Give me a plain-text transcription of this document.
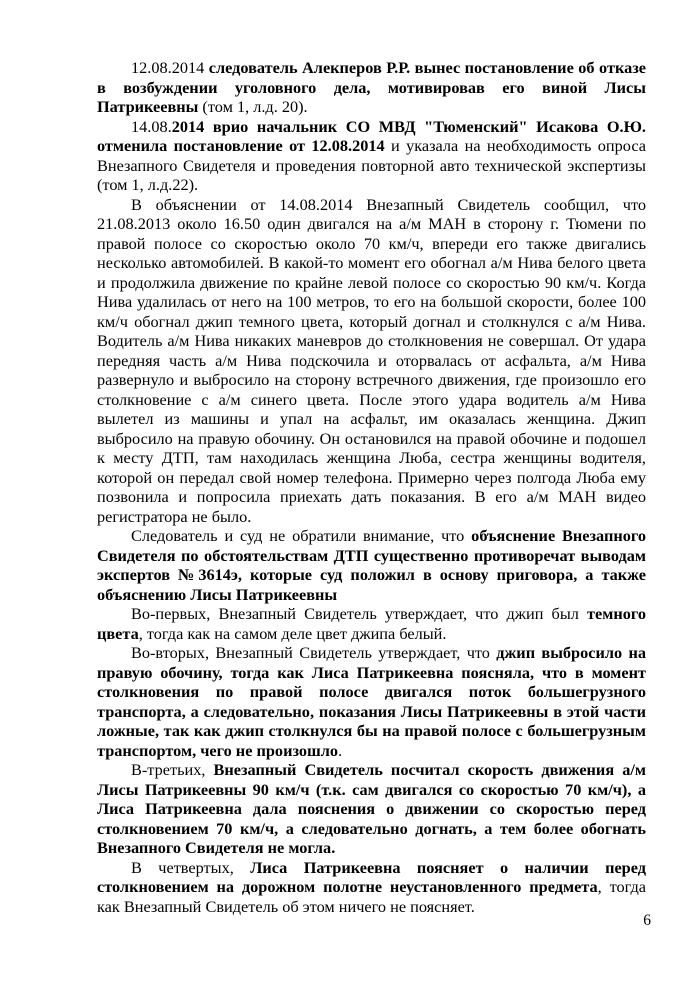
12.08.2014 следователь Алекперов Р.Р. вынес постановление об отказе в возбуждении уголовного дела, мотивировав его виной Лисы Патрикеевны (том 1, л.д. 20).

14.08.2014 врио начальник СО МВД "Тюменский" Исакова О.Ю. отменила постановление от 12.08.2014 и указала на необходимость опроса Внезапного Свидетеля и проведения повторной авто технической экспертизы (том 1, л.д.22).

В объяснении от 14.08.2014 Внезапный Свидетель сообщил, что 21.08.2013 около 16.50 один двигался на а/м МАН в сторону г. Тюмени по правой полосе со скоростью около 70 км/ч, впереди его также двигались несколько автомобилей. В какой-то момент его обогнал а/м Нива белого цвета и продолжила движение по крайне левой полосе со скоростью 90 км/ч. Когда Нива удалилась от него на 100 метров, то его на большой скорости, более 100 км/ч обогнал джип темного цвета, который догнал и столкнулся с а/м Нива. Водитель а/м Нива никаких маневров до столкновения не совершал. От удара передняя часть а/м Нива подскочила и оторвалась от асфальта, а/м Нива развернуло и выбросило на сторону встречного движения, где произошло его столкновение с а/м синего цвета. После этого удара водитель а/м Нива вылетел из машины и упал на асфальт, им оказалась женщина. Джип выбросило на правую обочину. Он остановился на правой обочине и подошел к месту ДТП, там находилась женщина Люба, сестра женщины водителя, которой он передал свой номер телефона. Примерно через полгода Люба ему позвонила и попросила приехать дать показания. В его а/м МАН видео регистратора не было.

Следователь и суд не обратили внимание, что объяснение Внезапного Свидетеля по обстоятельствам ДТП существенно противоречат выводам экспертов №3614э, которые суд положил в основу приговора, а также объяснению Лисы Патрикеевны

Во-первых, Внезапный Свидетель утверждает, что джип был темного цвета, тогда как на самом деле цвет джипа белый.

Во-вторых, Внезапный Свидетель утверждает, что джип выбросило на правую обочину, тогда как Лиса Патрикеевна поясняла, что в момент столкновения по правой полосе двигался поток большегрузного транспорта, а следовательно, показания Лисы Патрикеевны в этой части ложные, так как джип столкнулся бы на правой полосе с большегрузным транспортом, чего не произошло.

В-третьих, Внезапный Свидетель посчитал скорость движения а/м Лисы Патрикеевны 90 км/ч (т.к. сам двигался со скоростью 70 км/ч), а Лиса Патрикеевна дала пояснения о движении со скоростью перед столкновением 70 км/ч, а следовательно догнать, а тем более обогнать Внезапного Свидетеля не могла.

В четвертых, Лиса Патрикеевна поясняет о наличии перед столкновением на дорожном полотне неустановленного предмета, тогда как Внезапный Свидетель об этом ничего не поясняет.

6
